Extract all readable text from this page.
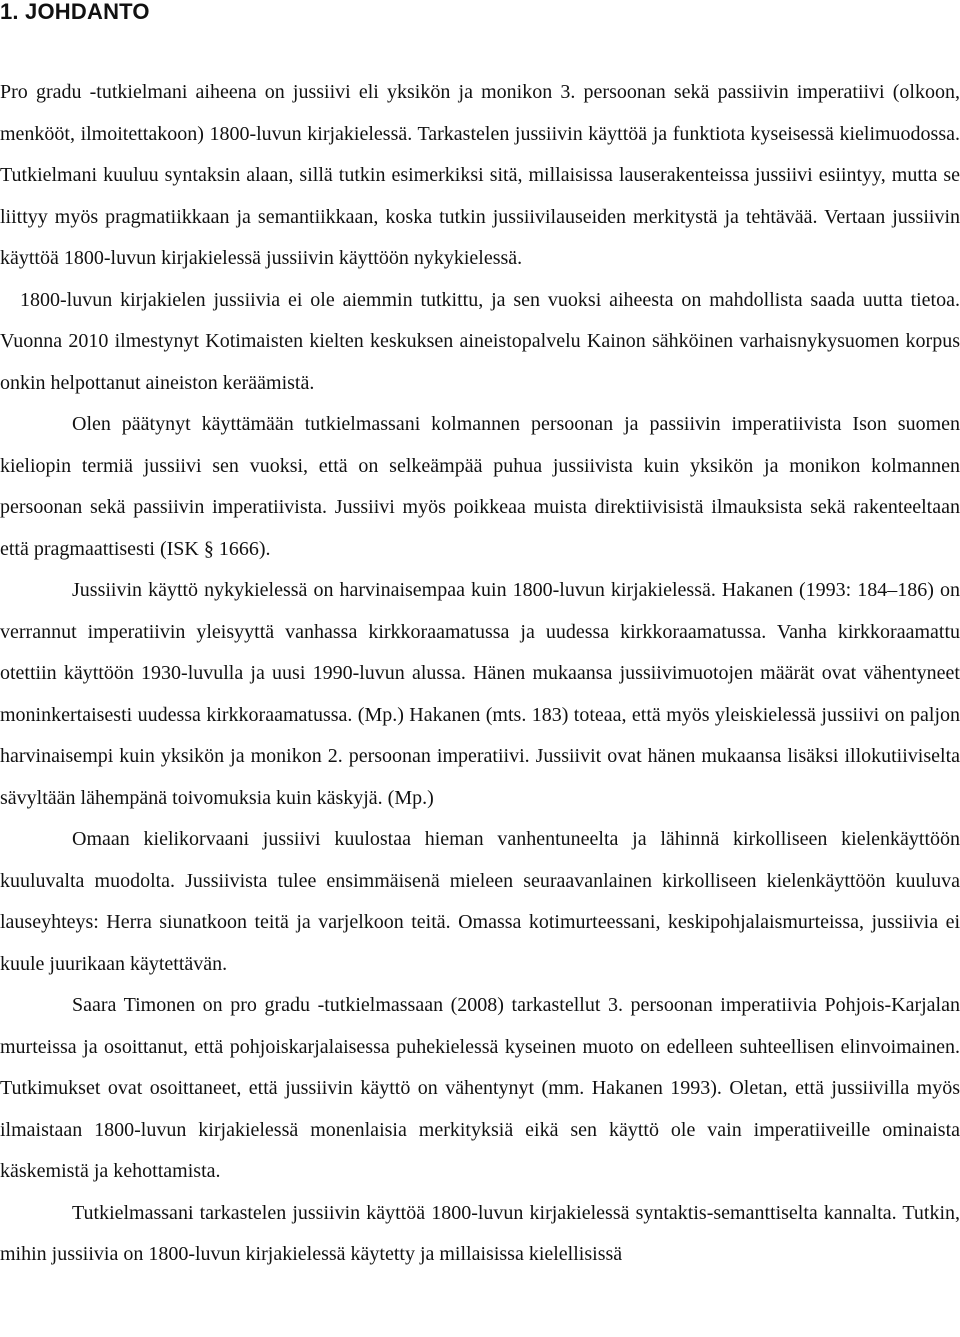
1. JOHDANTO

Pro gradu -tutkielmani aiheena on jussiivi eli yksikön ja monikon 3. persoonan sekä passiivin imperatiivi (olkoon, menkööt, ilmoitettakoon) 1800-luvun kirjakielessä. Tarkastelen jussiivin käyttöä ja funktiota kyseisessä kielimuodossa. Tutkielmani kuuluu syntaksin alaan, sillä tutkin esimerkiksi sitä, millaisissa lauserakenteissa jussiivi esiintyy, mutta se liittyy myös pragmatiikkaan ja semantiikkaan, koska tutkin jussiivilauseiden merkitystä ja tehtävää. Vertaan jussiivin käyttöä 1800-luvun kirjakielessä jussiivin käyttöön nykykielessä.

1800-luvun kirjakielen jussiivia ei ole aiemmin tutkittu, ja sen vuoksi aiheesta on mahdollista saada uutta tietoa. Vuonna 2010 ilmestynyt Kotimaisten kielten keskuksen aineistopalvelu Kainon sähköinen varhaisnykysuomen korpus onkin helpottanut aineiston keräämistä.

Olen päätynyt käyttämään tutkielmassani kolmannen persoonan ja passiivin imperatiivista Ison suomen kieliopin termiä jussiivi sen vuoksi, että on selkeämpää puhua jussiivista kuin yksikön ja monikon kolmannen persoonan sekä passiivin imperatiivista. Jussiivi myös poikkeaa muista direktiivisistä ilmauksista sekä rakenteeltaan että pragmaattisesti (ISK § 1666).

Jussiivin käyttö nykykielessä on harvinaisempaa kuin 1800-luvun kirjakielessä. Hakanen (1993: 184–186) on verrannut imperatiivin yleisyyttä vanhassa kirkkoraamatussa ja uudessa kirkkoraamatussa. Vanha kirkkoraamattu otettiin käyttöön 1930-luvulla ja uusi 1990-luvun alussa. Hänen mukaansa jussiivimuotojen määrät ovat vähentyneet moninkertaisesti uudessa kirkkoraamatussa. (Mp.) Hakanen (mts. 183) toteaa, että myös yleiskielessä jussiivi on paljon harvinaisempi kuin yksikön ja monikon 2. persoonan imperatiivi. Jussiivit ovat hänen mukaansa lisäksi illokutiiviselta sävyltään lähempänä toivomuksia kuin käskyjä. (Mp.)

Omaan kielikorvaani jussiivi kuulostaa hieman vanhentuneelta ja lähinnä kirkolliseen kielenkäyttöön kuuluvalta muodolta. Jussiivista tulee ensimmäisenä mieleen seuraavanlainen kirkolliseen kielenkäyttöön kuuluva lauseyhteys: Herra siunatkoon teitä ja varjelkoon teitä. Omassa kotimurteessani, keskipohjalaismurteissa, jussiivia ei kuule juurikaan käytettävän.

Saara Timonen on pro gradu -tutkielmassaan (2008) tarkastellut 3. persoonan imperatiivia Pohjois-Karjalan murteissa ja osoittanut, että pohjoiskarjalaisessa puhekielessä kyseinen muoto on edelleen suhteellisen elinvoimainen. Tutkimukset ovat osoittaneet, että jussiivin käyttö on vähentynyt (mm. Hakanen 1993). Oletan, että jussiivilla myös ilmaistaan 1800-luvun kirjakielessä monenlaisia merkityksiä eikä sen käyttö ole vain imperatiiveille ominaista käskemistä ja kehottamista.

Tutkielmassani tarkastelen jussiivin käyttöä 1800-luvun kirjakielessä syntaktis-semanttiselta kannalta. Tutkin, mihin jussiivia on 1800-luvun kirjakielessä käytetty ja millaisissa kielellisissä
